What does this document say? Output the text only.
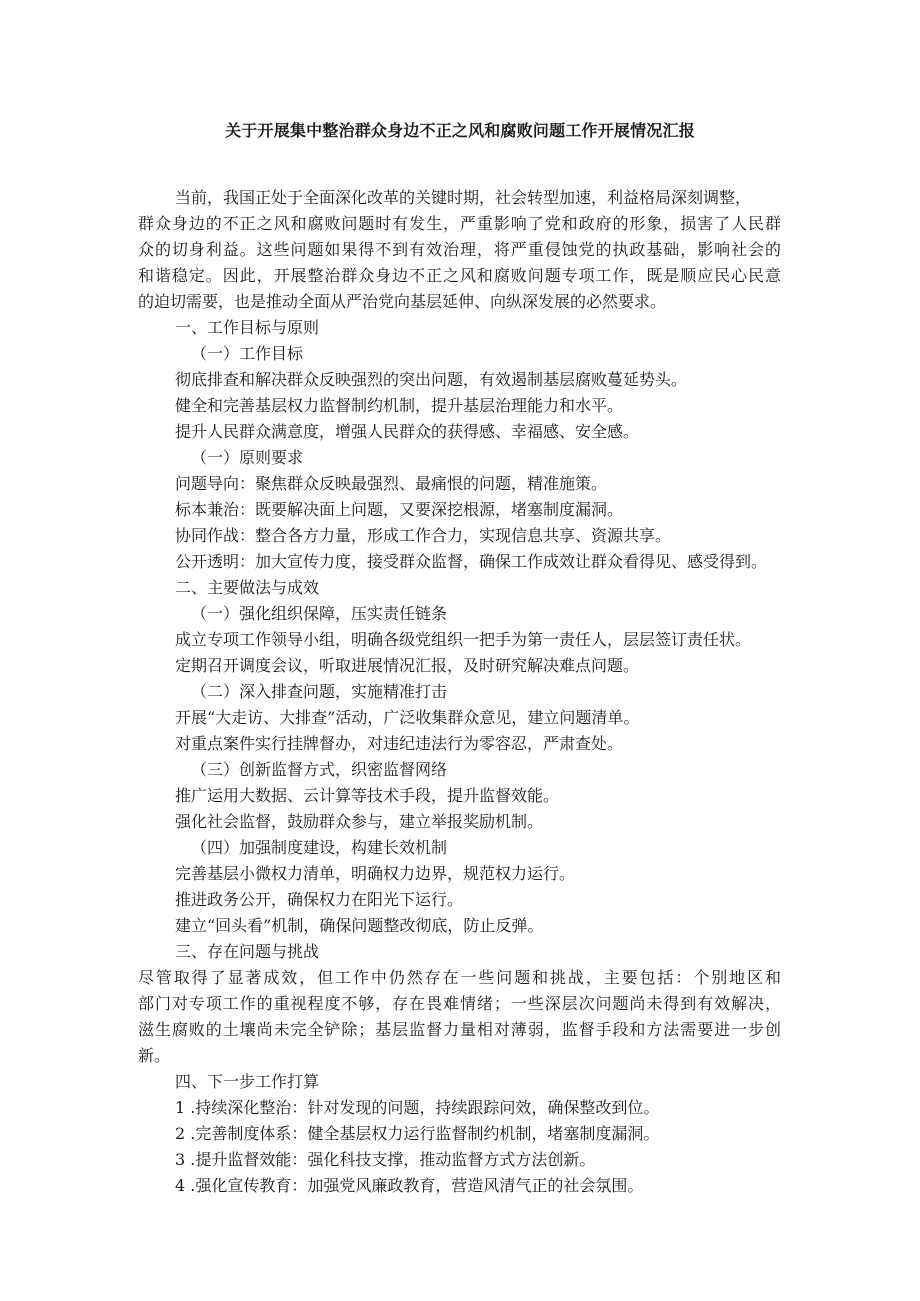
关于开展集中整治群众身边不正之风和腐败问题工作开展情况汇报
当前，我国正处于全面深化改革的关键时期，社会转型加速，利益格局深刻调整，
群众身边的不正之风和腐败问题时有发生，严重影响了党和政府的形象，损害了人民群
众的切身利益。这些问题如果得不到有效治理，将严重侵蚀党的执政基础，影响社会的
和谐稳定。因此，开展整治群众身边不正之风和腐败问题专项工作，既是顺应民心民意
的迫切需要，也是推动全面从严治党向基层延伸、向纵深发展的必然要求。
一、工作目标与原则
（一）工作目标
彻底排查和解决群众反映强烈的突出问题，有效遏制基层腐败蔓延势头。
健全和完善基层权力监督制约机制，提升基层治理能力和水平。
提升人民群众满意度，增强人民群众的获得感、幸福感、安全感。
（一）原则要求
问题导向：聚焦群众反映最强烈、最痛恨的问题，精准施策。
标本兼治：既要解决面上问题，又要深挖根源，堵塞制度漏洞。
协同作战：整合各方力量，形成工作合力，实现信息共享、资源共享。
公开透明：加大宣传力度，接受群众监督，确保工作成效让群众看得见、感受得到。
二、主要做法与成效
（一）强化组织保障，压实责任链条
成立专项工作领导小组，明确各级党组织一把手为第一责任人，层层签订责任状。
定期召开调度会议，听取进展情况汇报，及时研究解决难点问题。
（二）深入排查问题，实施精准打击
开展“大走访、大排查”活动，广泛收集群众意见，建立问题清单。
对重点案件实行挂牌督办，对违纪违法行为零容忍，严肃查处。
（三）创新监督方式，织密监督网络
推广运用大数据、云计算等技术手段，提升监督效能。
强化社会监督，鼓励群众参与，建立举报奖励机制。
（四）加强制度建设，构建长效机制
完善基层小微权力清单，明确权力边界，规范权力运行。
推进政务公开，确保权力在阳光下运行。
建立“回头看”机制，确保问题整改彻底，防止反弹。
三、存在问题与挑战
尽管取得了显著成效，但工作中仍然存在一些问题和挑战，主要包括：个别地区和
部门对专项工作的重视程度不够，存在畏难情绪；一些深层次问题尚未得到有效解决，
滋生腐败的土壤尚未完全铲除；基层监督力量相对薄弱，监督手段和方法需要进一步创
新。
四、下一步工作打算
1 .持续深化整治：针对发现的问题，持续跟踪问效，确保整改到位。
2 .完善制度体系：健全基层权力运行监督制约机制，堵塞制度漏洞。
3 .提升监督效能：强化科技支撑，推动监督方式方法创新。
4 .强化宣传教育：加强党风廉政教育，营造风清气正的社会氛围。
